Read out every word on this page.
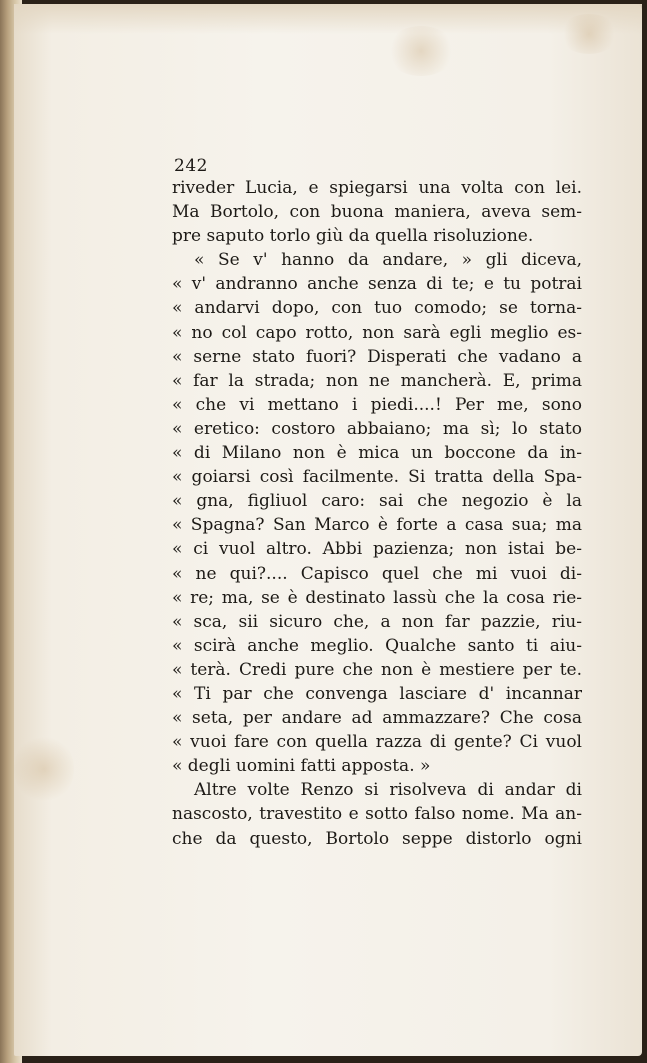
242
riveder Lucia, e spiegarsi una volta con lei.
Ma Bortolo, con buona maniera, aveva sem-
pre saputo torlo giù da quella risoluzione.
« Se v' hanno da andare, » gli diceva,
« v' andranno anche senza di te; e tu potrai
« andarvi dopo, con tuo comodo; se torna-
« no col capo rotto, non sarà egli meglio es-
« serne stato fuori? Disperati che vadano a
« far la strada; non ne mancherà. E, prima
« che vi mettano i piedi....! Per me, sono
« eretico: costoro abbaiano; ma sì; lo stato
« di Milano non è mica un boccone da in-
« goiarsi così facilmente. Si tratta della Spa-
« gna, figliuol caro: sai che negozio è la
« Spagna? San Marco è forte a casa sua; ma
« ci vuol altro. Abbi pazienza; non istai be-
« ne qui?.... Capisco quel che mi vuoi di-
« re; ma, se è destinato lassù che la cosa rie-
« sca, sii sicuro che, a non far pazzie, riu-
« scirà anche meglio. Qualche santo ti aiu-
« terà. Credi pure che non è mestiere per te.
« Ti par che convenga lasciare d' incannar
« seta, per andare ad ammazzare? Che cosa
« vuoi fare con quella razza di gente? Ci vuol
« degli uomini fatti apposta. »
Altre volte Renzo si risolveva di andar di
nascosto, travestito e sotto falso nome. Ma an-
che da questo, Bortolo seppe distorlo ogni
